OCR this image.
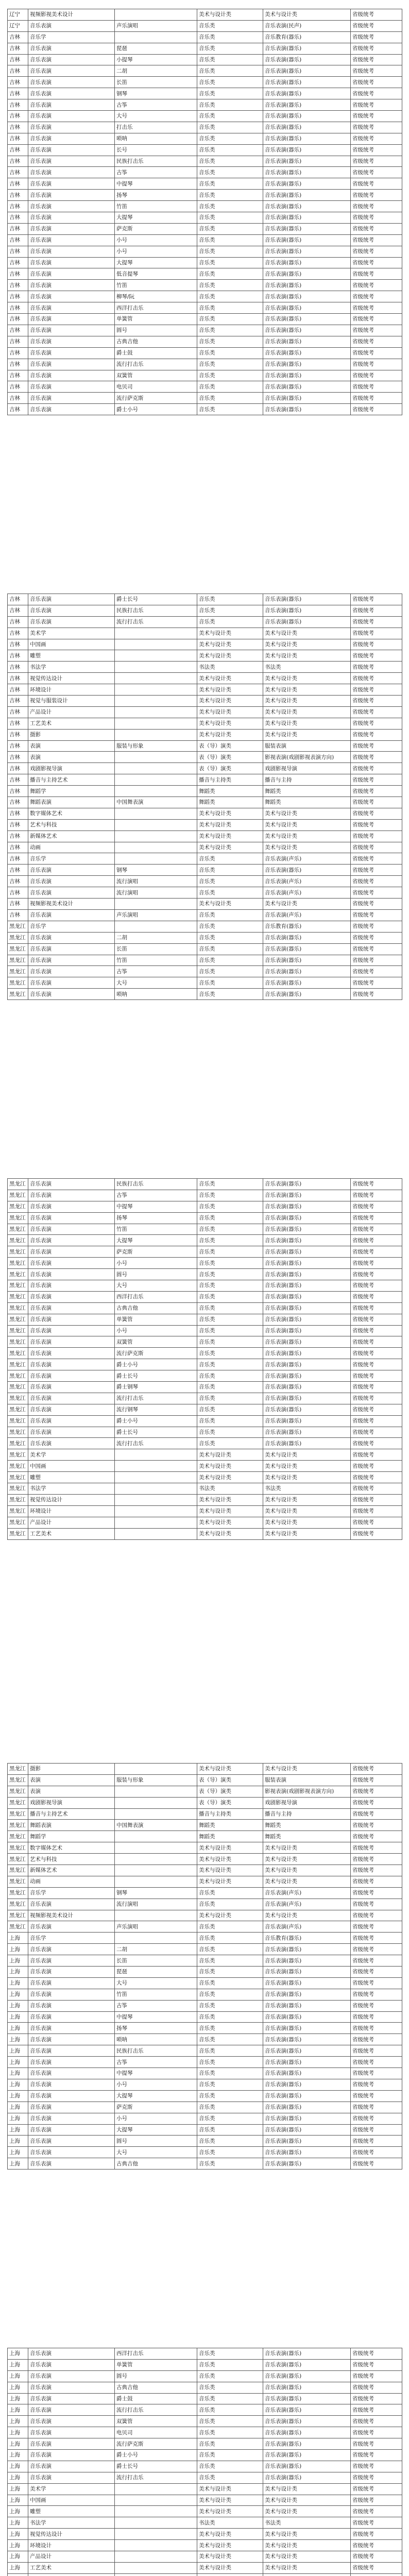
辽宁	视频影视美术设计		美术与设计类	美术与设计类	省级统考
辽宁	音乐表演	声乐演唱	音乐类	音乐表演(民声)	省级统考
吉林	音乐学		音乐类	音乐教育(器乐)	省级统考
吉林	音乐表演	琵琶	音乐类	音乐表演(器乐)	省级统考
吉林	音乐表演	小提琴	音乐类	音乐表演(器乐)	省级统考
吉林	音乐表演	二胡	音乐类	音乐表演(器乐)	省级统考
吉林	音乐表演	长笛	音乐类	音乐表演(器乐)	省级统考
吉林	音乐表演	钢琴	音乐类	音乐表演(器乐)	省级统考
吉林	音乐表演	古筝	音乐类	音乐表演(器乐)	省级统考
吉林	音乐表演	大号	音乐类	音乐表演(器乐)	省级统考
吉林	音乐表演	打击乐	音乐类	音乐表演(器乐)	省级统考
吉林	音乐表演	唢呐	音乐类	音乐表演(器乐)	省级统考
吉林	音乐表演	长号	音乐类	音乐表演(器乐)	省级统考
吉林	音乐表演	民族打击乐	音乐类	音乐表演(器乐)	省级统考
吉林	音乐表演	古筝	音乐类	音乐表演(器乐)	省级统考
吉林	音乐表演	中提琴	音乐类	音乐表演(器乐)	省级统考
吉林	音乐表演	扬琴	音乐类	音乐表演(器乐)	省级统考
吉林	音乐表演	竹笛	音乐类	音乐表演(器乐)	省级统考
吉林	音乐表演	大提琴	音乐类	音乐表演(器乐)	省级统考
吉林	音乐表演	萨克斯	音乐类	音乐表演(器乐)	省级统考
吉林	音乐表演	小号	音乐类	音乐表演(器乐)	省级统考
吉林	音乐表演	小号	音乐类	音乐表演(器乐)	省级统考
吉林	音乐表演	大提琴	音乐类	音乐表演(器乐)	省级统考
吉林	音乐表演	低音提琴	音乐类	音乐表演(器乐)	省级统考
吉林	音乐表演	竹笛	音乐类	音乐表演(器乐)	省级统考
吉林	音乐表演	柳琴/阮	音乐类	音乐表演(器乐)	省级统考
吉林	音乐表演	西洋打击乐	音乐类	音乐表演(器乐)	省级统考
吉林	音乐表演	单簧管	音乐类	音乐表演(器乐)	省级统考
吉林	音乐表演	圆号	音乐类	音乐表演(器乐)	省级统考
吉林	音乐表演	古典吉他	音乐类	音乐表演(器乐)	省级统考
吉林	音乐表演	爵士鼓	音乐类	音乐表演(器乐)	省级统考
吉林	音乐表演	流行打击乐	音乐类	音乐表演(器乐)	省级统考
吉林	音乐表演	双簧管	音乐类	音乐表演(器乐)	省级统考
吉林	音乐表演	电贝司	音乐类	音乐表演(器乐)	省级统考
吉林	音乐表演	流行萨克斯	音乐类	音乐表演(器乐)	省级统考
吉林	音乐表演	爵士小号	音乐类	音乐表演(器乐)	省级统考
吉林	音乐表演	爵士长号	音乐类	音乐表演(器乐)	省级统考
吉林	音乐表演	民族打击乐	音乐类	音乐表演(器乐)	省级统考
吉林	音乐表演	流行打击乐	音乐类	音乐表演(器乐)	省级统考
吉林	美术学		美术与设计类	美术与设计类	省级统考
吉林	中国画		美术与设计类	美术与设计类	省级统考
吉林	雕塑		美术与设计类	美术与设计类	省级统考
吉林	书法学		书法类	书法类	省级统考
吉林	视觉传达设计		美术与设计类	美术与设计类	省级统考
吉林	环境设计		美术与设计类	美术与设计类	省级统考
吉林	视觉与服装设计		美术与设计类	美术与设计类	省级统考
吉林	产品设计		美术与设计类	美术与设计类	省级统考
吉林	工艺美术		美术与设计类	美术与设计类	省级统考
吉林	摄影		美术与设计类	美术与设计类	省级统考
吉林	表演	服装与形象	表（导）演类	服装表演	省级统考
吉林	表演		表（导）演类	影视表演(戏剧影视表演方向)	省级统考
吉林	戏剧影视导演		表（导）演类	戏剧影视导演	省级统考
吉林	播音与主持艺术		播音与主持类	播音与主持	省级统考
吉林	舞蹈学		舞蹈类	舞蹈类	省级统考
吉林	舞蹈表演	中国舞表演	舞蹈类	舞蹈类	省级统考
吉林	数字媒体艺术		美术与设计类	美术与设计类	省级统考
吉林	艺术与科技		美术与设计类	美术与设计类	省级统考
吉林	新媒体艺术		美术与设计类	美术与设计类	省级统考
吉林	动画		美术与设计类	美术与设计类	省级统考
吉林	音乐学		音乐类	音乐表演(声乐)	省级统考
吉林	音乐表演	钢琴	音乐类	音乐表演(器乐)	省级统考
吉林	音乐表演	流行演唱	音乐类	音乐表演(声乐)	省级统考
吉林	音乐表演	流行演唱	音乐类	音乐表演(声乐)	省级统考
吉林	视频影视美术设计		美术与设计类	美术与设计类	省级统考
吉林	音乐表演	声乐演唱	音乐类	音乐表演(声乐)	省级统考
黑龙江	音乐学		音乐类	音乐教育(器乐)	省级统考
黑龙江	音乐表演	二胡	音乐类	音乐表演(器乐)	省级统考
黑龙江	音乐表演	长笛	音乐类	音乐表演(器乐)	省级统考
黑龙江	音乐表演	竹笛	音乐类	音乐表演(器乐)	省级统考
黑龙江	音乐表演	古筝	音乐类	音乐表演(器乐)	省级统考
黑龙江	音乐表演	大号	音乐类	音乐表演(器乐)	省级统考
黑龙江	音乐表演	唢呐	音乐类	音乐表演(器乐)	省级统考
黑龙江	音乐表演	民族打击乐	音乐类	音乐表演(器乐)	省级统考
黑龙江	音乐表演	古筝	音乐类	音乐表演(器乐)	省级统考
黑龙江	音乐表演	中提琴	音乐类	音乐表演(器乐)	省级统考
黑龙江	音乐表演	扬琴	音乐类	音乐表演(器乐)	省级统考
黑龙江	音乐表演	竹笛	音乐类	音乐表演(器乐)	省级统考
黑龙江	音乐表演	大提琴	音乐类	音乐表演(器乐)	省级统考
黑龙江	音乐表演	萨克斯	音乐类	音乐表演(器乐)	省级统考
黑龙江	音乐表演	小号	音乐类	音乐表演(器乐)	省级统考
黑龙江	音乐表演	圆号	音乐类	音乐表演(器乐)	省级统考
黑龙江	音乐表演	大号	音乐类	音乐表演(器乐)	省级统考
黑龙江	音乐表演	西洋打击乐	音乐类	音乐表演(器乐)	省级统考
黑龙江	音乐表演	古典吉他	音乐类	音乐表演(器乐)	省级统考
黑龙江	音乐表演	单簧管	音乐类	音乐表演(器乐)	省级统考
黑龙江	音乐表演	小号	音乐类	音乐表演(器乐)	省级统考
黑龙江	音乐表演	双簧管	音乐类	音乐表演(器乐)	省级统考
黑龙江	音乐表演	流行萨克斯	音乐类	音乐表演(器乐)	省级统考
黑龙江	音乐表演	爵士小号	音乐类	音乐表演(器乐)	省级统考
黑龙江	音乐表演	爵士长号	音乐类	音乐表演(器乐)	省级统考
黑龙江	音乐表演	爵士钢琴	音乐类	音乐表演(器乐)	省级统考
黑龙江	音乐表演	流行打击乐	音乐类	音乐表演(器乐)	省级统考
黑龙江	音乐表演	流行钢琴	音乐类	音乐表演(器乐)	省级统考
黑龙江	音乐表演	爵士小号	音乐类	音乐表演(器乐)	省级统考
黑龙江	音乐表演	爵士长号	音乐类	音乐表演(器乐)	省级统考
黑龙江	音乐表演	流行打击乐	音乐类	音乐表演(器乐)	省级统考
黑龙江	美术学		美术与设计类	美术与设计类	省级统考
黑龙江	中国画		美术与设计类	美术与设计类	省级统考
黑龙江	雕塑		美术与设计类	美术与设计类	省级统考
黑龙江	书法学		书法类	书法类	省级统考
黑龙江	视觉传达设计		美术与设计类	美术与设计类	省级统考
黑龙江	环境设计		美术与设计类	美术与设计类	省级统考
黑龙江	产品设计		美术与设计类	美术与设计类	省级统考
黑龙江	工艺美术		美术与设计类	美术与设计类	省级统考
黑龙江	摄影		美术与设计类	美术与设计类	省级统考
黑龙江	表演	服装与形象	表（导）演类	服装表演	省级统考
黑龙江	表演		表（导）演类	影视表演(戏剧影视表演方向)	省级统考
黑龙江	戏剧影视导演		表（导）演类	戏剧影视导演	省级统考
黑龙江	播音与主持艺术		播音与主持类	播音与主持	省级统考
黑龙江	舞蹈表演	中国舞表演	舞蹈类	舞蹈类	省级统考
黑龙江	舞蹈学		舞蹈类	舞蹈类	省级统考
黑龙江	数字媒体艺术		美术与设计类	美术与设计类	省级统考
黑龙江	艺术与科技		美术与设计类	美术与设计类	省级统考
黑龙江	新媒体艺术		美术与设计类	美术与设计类	省级统考
黑龙江	动画		美术与设计类	美术与设计类	省级统考
黑龙江	音乐学	钢琴	音乐类	音乐表演(声乐)	省级统考
黑龙江	音乐表演	流行演唱	音乐类	音乐表演(声乐)	省级统考
黑龙江	视频影视美术设计		美术与设计类	美术与设计类	省级统考
黑龙江	音乐表演	声乐演唱	音乐类	音乐表演(声乐)	省级统考
上海	音乐学		音乐类	音乐教育(器乐)	省级统考
上海	音乐表演	二胡	音乐类	音乐表演(器乐)	省级统考
上海	音乐表演	长笛	音乐类	音乐表演(器乐)	省级统考
上海	音乐表演	琵琶	音乐类	音乐表演(器乐)	省级统考
上海	音乐表演	大号	音乐类	音乐表演(器乐)	省级统考
上海	音乐表演	竹笛	音乐类	音乐表演(器乐)	省级统考
上海	音乐表演	古筝	音乐类	音乐表演(器乐)	省级统考
上海	音乐表演	中提琴	音乐类	音乐表演(器乐)	省级统考
上海	音乐表演	扬琴	音乐类	音乐表演(器乐)	省级统考
上海	音乐表演	唢呐	音乐类	音乐表演(器乐)	省级统考
上海	音乐表演	民族打击乐	音乐类	音乐表演(器乐)	省级统考
上海	音乐表演	古筝	音乐类	音乐表演(器乐)	省级统考
上海	音乐表演	中提琴	音乐类	音乐表演(器乐)	省级统考
上海	音乐表演	小号	音乐类	音乐表演(器乐)	省级统考
上海	音乐表演	大提琴	音乐类	音乐表演(器乐)	省级统考
上海	音乐表演	萨克斯	音乐类	音乐表演(器乐)	省级统考
上海	音乐表演	小号	音乐类	音乐表演(器乐)	省级统考
上海	音乐表演	大提琴	音乐类	音乐表演(器乐)	省级统考
上海	音乐表演	圆号	音乐类	音乐表演(器乐)	省级统考
上海	音乐表演	大号	音乐类	音乐表演(器乐)	省级统考
上海	音乐表演	古典吉他	音乐类	音乐表演(器乐)	省级统考
上海	音乐表演	西洋打击乐	音乐类	音乐表演(器乐)	省级统考
上海	音乐表演	单簧管	音乐类	音乐表演(器乐)	省级统考
上海	音乐表演	圆号	音乐类	音乐表演(器乐)	省级统考
上海	音乐表演	古典吉他	音乐类	音乐表演(器乐)	省级统考
上海	音乐表演	爵士鼓	音乐类	音乐表演(器乐)	省级统考
上海	音乐表演	流行打击乐	音乐类	音乐表演(器乐)	省级统考
上海	音乐表演	双簧管	音乐类	音乐表演(器乐)	省级统考
上海	音乐表演	电贝司	音乐类	音乐表演(器乐)	省级统考
上海	音乐表演	流行萨克斯	音乐类	音乐表演(器乐)	省级统考
上海	音乐表演	爵士小号	音乐类	音乐表演(器乐)	省级统考
上海	音乐表演	爵士长号	音乐类	音乐表演(器乐)	省级统考
上海	音乐表演	流行打击乐	音乐类	音乐表演(器乐)	省级统考
上海	美术学		美术与设计类	美术与设计类	省级统考
上海	中国画		美术与设计类	美术与设计类	省级统考
上海	雕塑		美术与设计类	美术与设计类	省级统考
上海	书法学		书法类	书法类	省级统考
上海	视觉传达设计		美术与设计类	美术与设计类	省级统考
上海	环境设计		美术与设计类	美术与设计类	省级统考
上海	产品设计		美术与设计类	美术与设计类	省级统考
上海	工艺美术		美术与设计类	美术与设计类	省级统考
